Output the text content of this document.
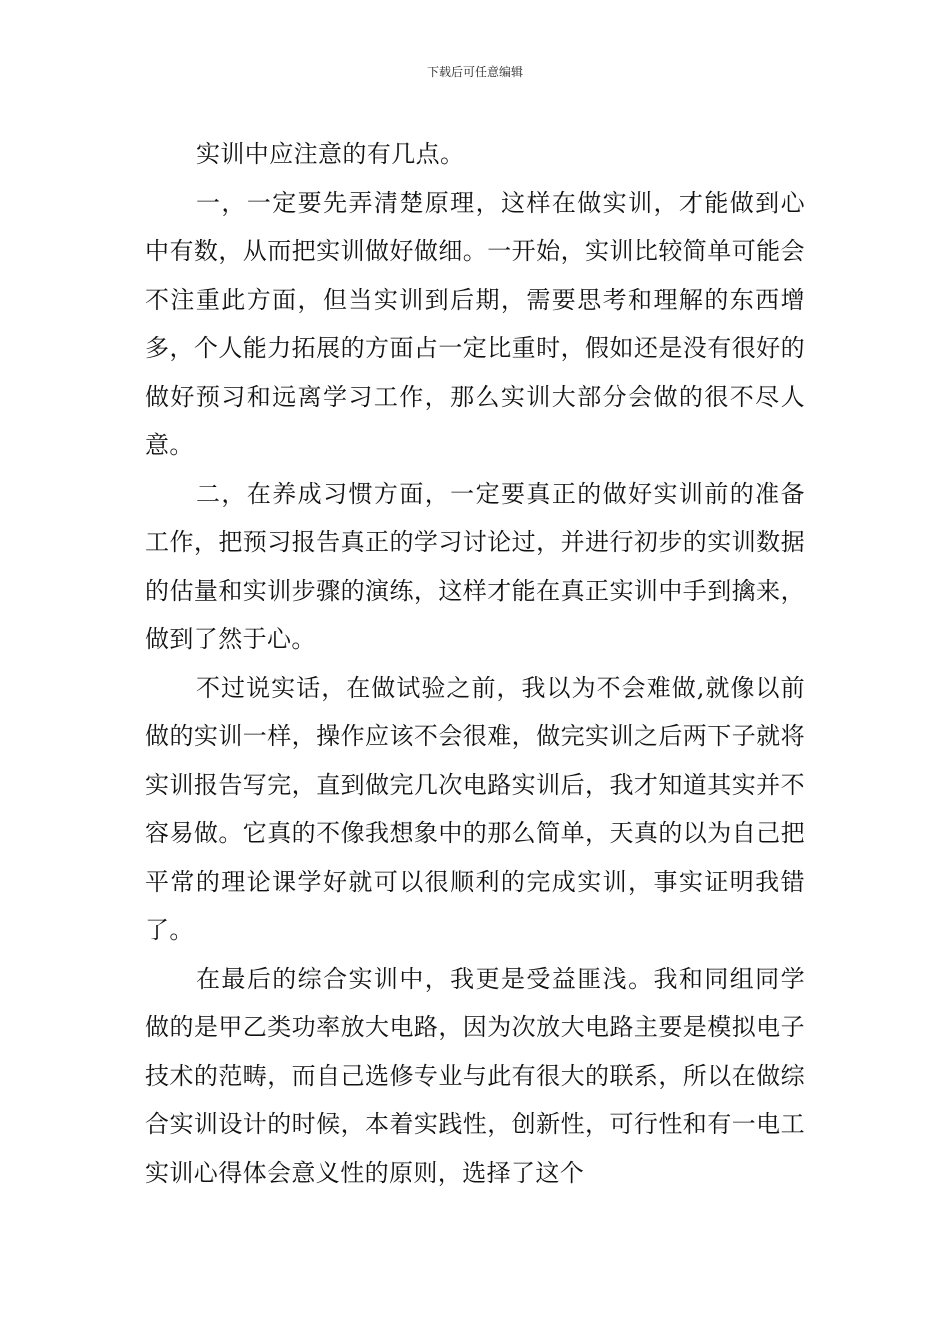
下载后可任意编辑

实训中应注意的有几点。

一，一定要先弄清楚原理，这样在做实训，才能做到心中有数，从而把实训做好做细。一开始，实训比较简单可能会不注重此方面，但当实训到后期，需要思考和理解的东西增多，个人能力拓展的方面占一定比重时，假如还是没有很好的做好预习和远离学习工作，那么实训大部分会做的很不尽人意。

二，在养成习惯方面，一定要真正的做好实训前的准备工作，把预习报告真正的学习讨论过，并进行初步的实训数据的估量和实训步骤的演练，这样才能在真正实训中手到擒来，做到了然于心。

不过说实话，在做试验之前，我以为不会难做,就像以前做的实训一样，操作应该不会很难，做完实训之后两下子就将实训报告写完，直到做完几次电路实训后，我才知道其实并不容易做。它真的不像我想象中的那么简单，天真的以为自己把平常的理论课学好就可以很顺利的完成实训，事实证明我错了。

在最后的综合实训中，我更是受益匪浅。我和同组同学做的是甲乙类功率放大电路，因为次放大电路主要是模拟电子技术的范畴，而自己选修专业与此有很大的联系，所以在做综合实训设计的时候，本着实践性，创新性，可行性和有一电工实训心得体会意义性的原则，选择了这个
